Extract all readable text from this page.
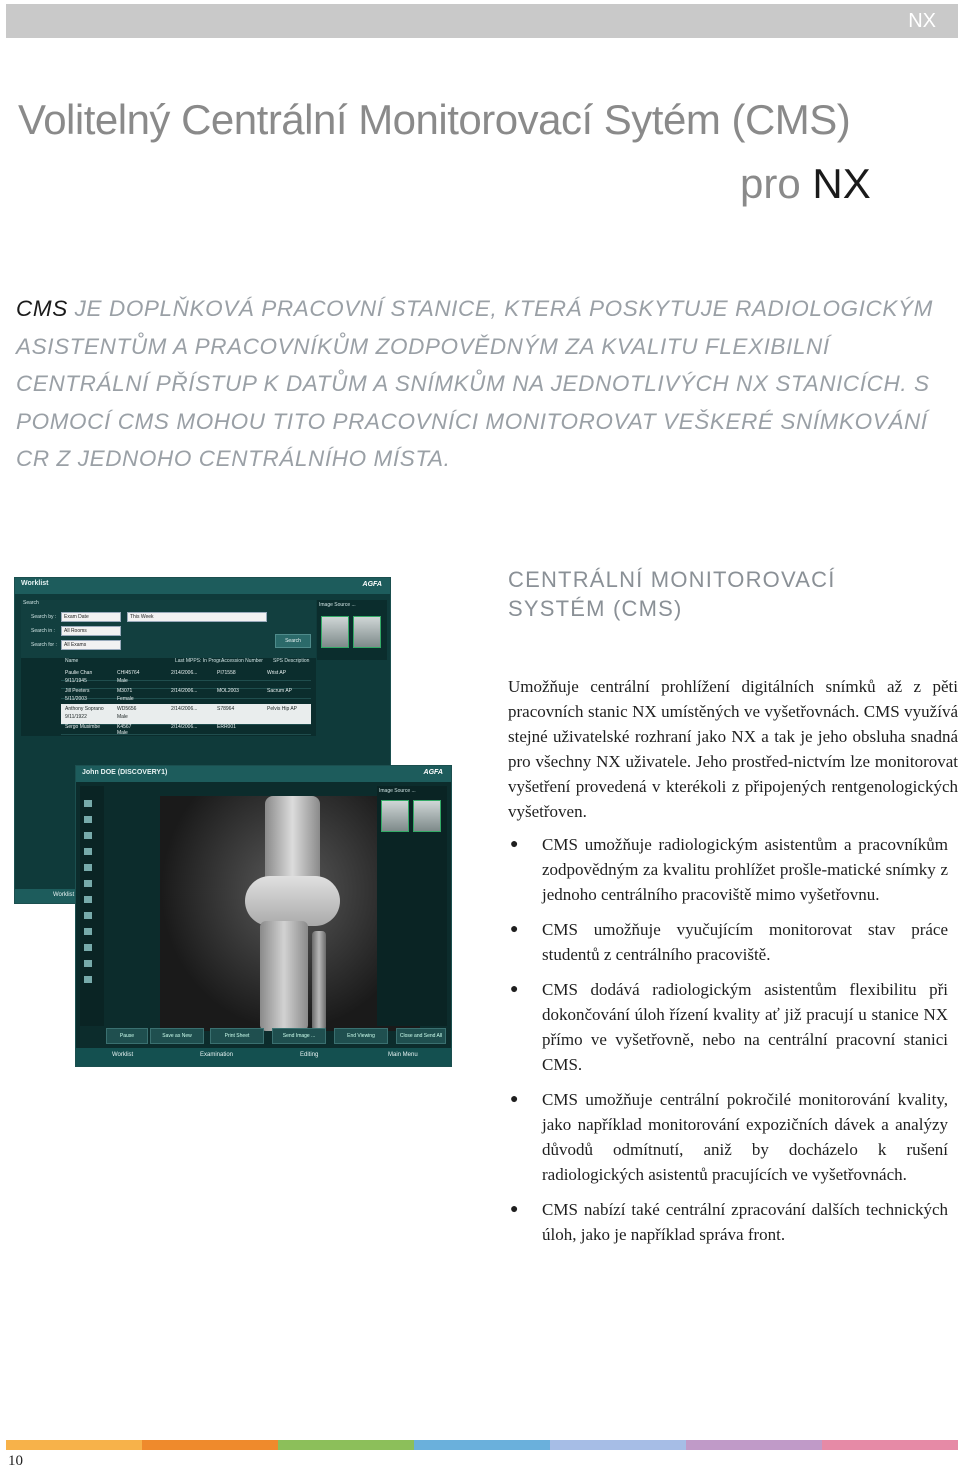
NX
Volitelný Centrální Monitorovací Sytém (CMS)
pro NX
CMS JE DOPLŇKOVÁ PRACOVNÍ STANICE, KTERÁ POSKYTUJE RADIOLOGICKÝM ASISTENTŮM A PRACOVNÍKŮM ZODPOVĚDNÝM ZA KVALITU FLEXIBILNÍ CENTRÁLNÍ PŘÍSTUP K DATŮM A SNÍMKŮM NA JEDNOTLIVÝCH NX STANICÍCH. S POMOCÍ CMS MOHOU TITO PRACOVNÍCI MONITOROVAT VEŠKERÉ SNÍMKOVÁNÍ CR Z JEDNOHO CENTRÁLNÍHO MÍSTA.
Worklist	AGFA
Search
Search by : Exam Date	This Week
Search in : All Rooms
Search for : All Exams
Search
Image Source ...
Name	Last MPPS: In Progr...
Accession Number SPS Description
Paulie Chan	CHI45764	2/14/2006...	PI71558	Wrist AP
9/11/1945	Male
Jill Peeters	M3071	2/14/2006...	MOL2003	Sacrum AP
5/11/2003	Female
Anthony Soprano	WD5656	2/14/2006...	S78964	Pelvis Hip AP
9/11/1922	Male
Sergo Musimbe	K4567	2/14/2006...	ERR001
Male
Worklist
John DOE (DISCOVERY1)	AGFA
Image Source ...
Pause	Save as New	Print Sheet	Send Image ...	End Viewing	Close and Send All
Worklist	Examination	Editing	Main Menu
CENTRÁLNÍ MONITOROVACÍ SYSTÉM (CMS)
Umožňuje centrální prohlížení digitálních snímků až z pěti pracovních stanic NX umístěných ve vyšetřovnách. CMS využívá stejné uživatelské rozhraní jako NX a tak je jeho obsluha snadná pro všechny NX uživatele. Jeho prostřed-nictvím lze monitorovat vyšetření provedená v kterékoli z připojených rentgenologických vyšetřoven.
● CMS umožňuje radiologickým asistentům a pracovníkům zodpovědným za kvalitu prohlížet prošle-matické snímky z jednoho centrálního pracoviště mimo vyšetřovnu.
● CMS umožňuje vyučujícím monitorovat stav práce studentů z centrálního pracoviště.
● CMS dodává radiologickým asistentům flexibilitu při dokončování úloh řízení kvality ať již pracují u stanice NX přímo ve vyšetřovně, nebo na centrální pracovní stanici CMS.
● CMS umožňuje centrální pokročilé monitorování kvality, jako například monitorování expozičních dávek a analýzy důvodů odmítnutí, aniž by docházelo k rušení radiologických asistentů pracujících ve vyšetřovnách.
● CMS nabízí také centrální zpracování dalších technických úloh, jako je například správa front.
10
